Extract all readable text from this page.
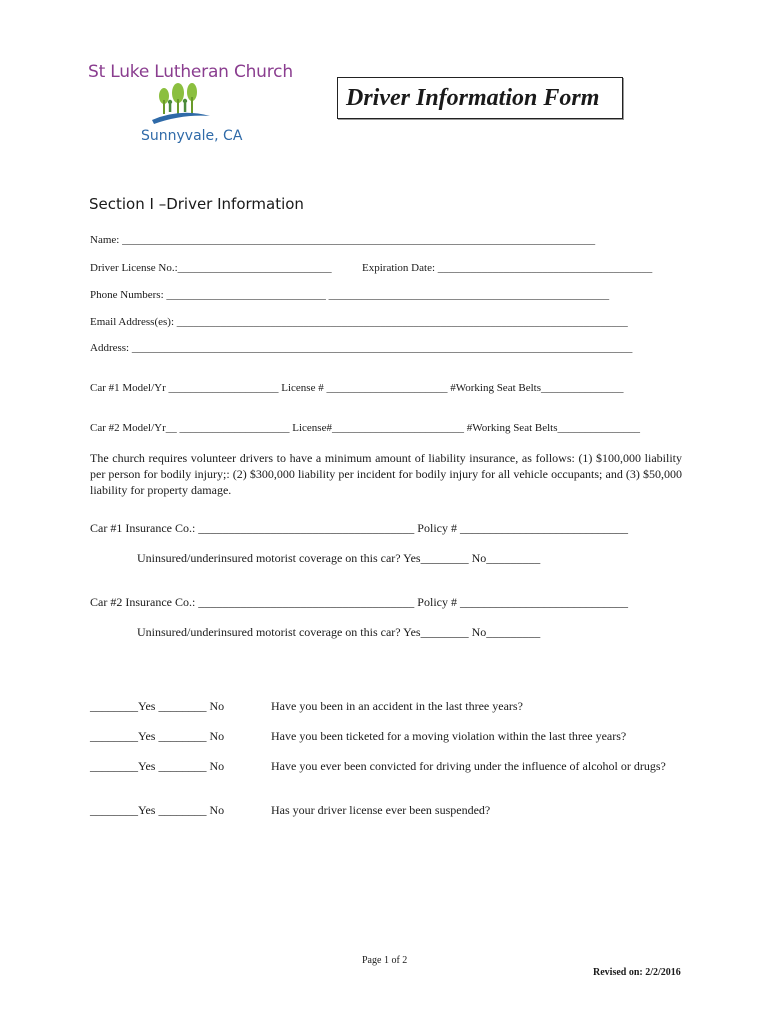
St Luke Lutheran Church
Sunnyvale, CA
Driver Information Form
Section I –Driver Information
Name: ______________________________________________________________________________________
Driver License No.:____________________________	Expiration Date: _______________________________________
Phone Numbers: _____________________________ ___________________________________________________
Email Address(es): __________________________________________________________________________________
Address: ___________________________________________________________________________________________
Car #1 Model/Yr ____________________ License # ______________________ #Working Seat Belts_______________
Car #2 Model/Yr__ ____________________ License#________________________ #Working Seat Belts_______________
The church requires volunteer drivers to have a minimum amount of liability insurance, as follows: (1) $100,000 liability per person for bodily injury;: (2) $300,000 liability per incident for bodily injury for all vehicle occupants; and (3) $50,000 liability for property damage.
Car #1 Insurance Co.: ____________________________________ Policy # ____________________________
Uninsured/underinsured motorist coverage on this car? Yes________ No_________
Car #2 Insurance Co.: ____________________________________ Policy # ____________________________
Uninsured/underinsured motorist coverage on this car? Yes________ No_________
________Yes ________ No	Have you been in an accident in the last three years?
________Yes ________ No	Have you been ticketed for a moving violation within the last three years?
________Yes ________ No	Have you ever been convicted for driving under the influence of alcohol or drugs?
________Yes ________ No	Has your driver license ever been suspended?
Page 1 of 2
Revised on: 2/2/2016
